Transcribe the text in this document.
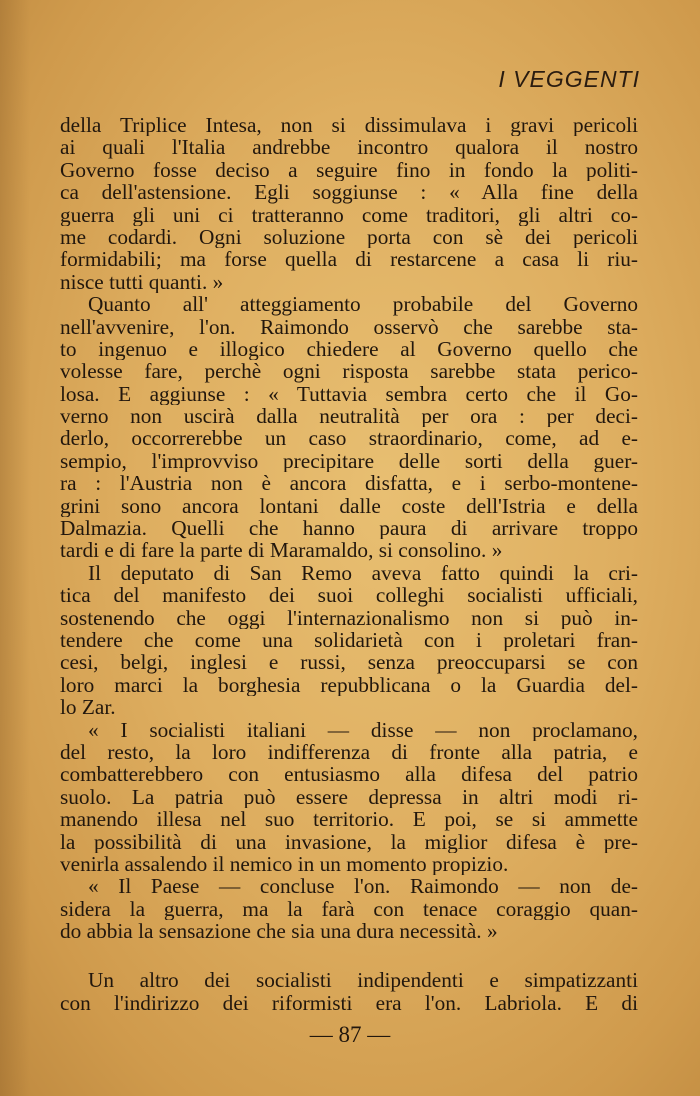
I VEGGENTI
della Triplice Intesa, non si dissimulava i gravi pericoli
ai quali l'Italia andrebbe incontro qualora il nostro
Governo fosse deciso a seguire fino in fondo la politi-
ca dell'astensione. Egli soggiunse : « Alla fine della
guerra gli uni ci tratteranno come traditori, gli altri co-
me codardi. Ogni soluzione porta con sè dei pericoli
formidabili; ma forse quella di restarcene a casa li riu-
nisce tutti quanti. »
Quanto all' atteggiamento probabile del Governo
nell'avvenire, l'on. Raimondo osservò che sarebbe sta-
to ingenuo e illogico chiedere al Governo quello che
volesse fare, perchè ogni risposta sarebbe stata perico-
losa. E aggiunse : « Tuttavia sembra certo che il Go-
verno non uscirà dalla neutralità per ora : per deci-
derlo, occorrerebbe un caso straordinario, come, ad e-
sempio, l'improvviso precipitare delle sorti della guer-
ra : l'Austria non è ancora disfatta, e i serbo-montene-
grini sono ancora lontani dalle coste dell'Istria e della
Dalmazia. Quelli che hanno paura di arrivare troppo
tardi e di fare la parte di Maramaldo, si consolino. »
Il deputato di San Remo aveva fatto quindi la cri-
tica del manifesto dei suoi colleghi socialisti ufficiali,
sostenendo che oggi l'internazionalismo non si può in-
tendere che come una solidarietà con i proletari fran-
cesi, belgi, inglesi e russi, senza preoccuparsi se con
loro marci la borghesia repubblicana o la Guardia del-
lo Zar.
« I socialisti italiani — disse — non proclamano,
del resto, la loro indifferenza di fronte alla patria, e
combatterebbero con entusiasmo alla difesa del patrio
suolo. La patria può essere depressa in altri modi ri-
manendo illesa nel suo territorio. E poi, se si ammette
la possibilità di una invasione, la miglior difesa è pre-
venirla assalendo il nemico in un momento propizio.
« Il Paese — concluse l'on. Raimondo — non de-
sidera la guerra, ma la farà con tenace coraggio quan-
do abbia la sensazione che sia una dura necessità. »
Un altro dei socialisti indipendenti e simpatizzanti
con l'indirizzo dei riformisti era l'on. Labriola. E di
— 87 —
